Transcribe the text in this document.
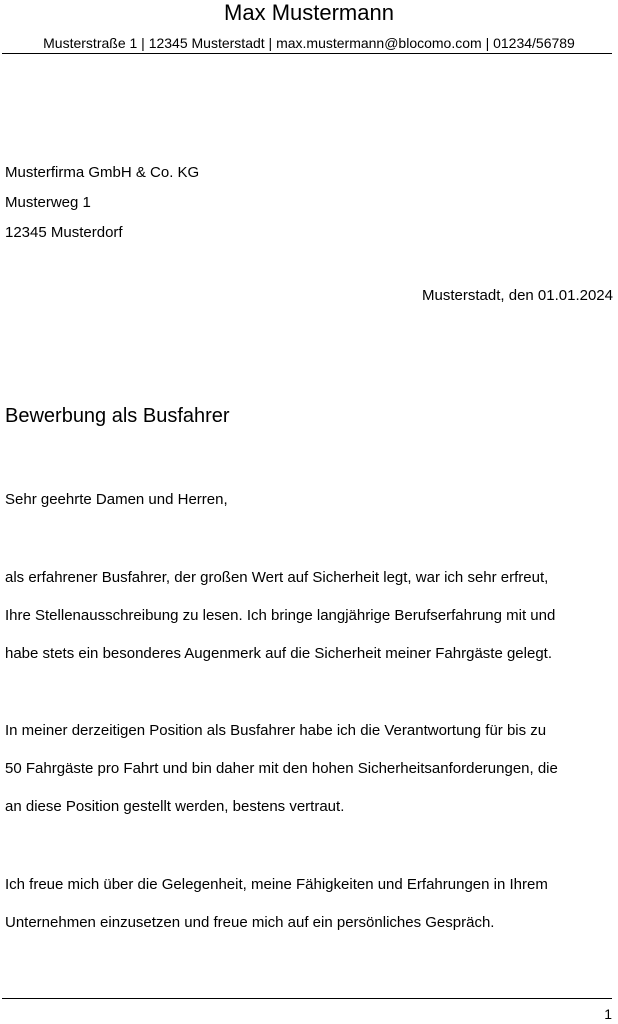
Max Mustermann
Musterstraße 1 | 12345 Musterstadt | max.mustermann@blocomo.com | 01234/56789
Musterfirma GmbH & Co. KG
Musterweg 1
12345 Musterdorf
Musterstadt, den 01.01.2024
Bewerbung als Busfahrer
Sehr geehrte Damen und Herren,
als erfahrener Busfahrer, der großen Wert auf Sicherheit legt, war ich sehr erfreut,
Ihre Stellenausschreibung zu lesen. Ich bringe langjährige Berufserfahrung mit und
habe stets ein besonderes Augenmerk auf die Sicherheit meiner Fahrgäste gelegt.
In meiner derzeitigen Position als Busfahrer habe ich die Verantwortung für bis zu
50 Fahrgäste pro Fahrt und bin daher mit den hohen Sicherheitsanforderungen, die
an diese Position gestellt werden, bestens vertraut.
Ich freue mich über die Gelegenheit, meine Fähigkeiten und Erfahrungen in Ihrem
Unternehmen einzusetzen und freue mich auf ein persönliches Gespräch.
1
